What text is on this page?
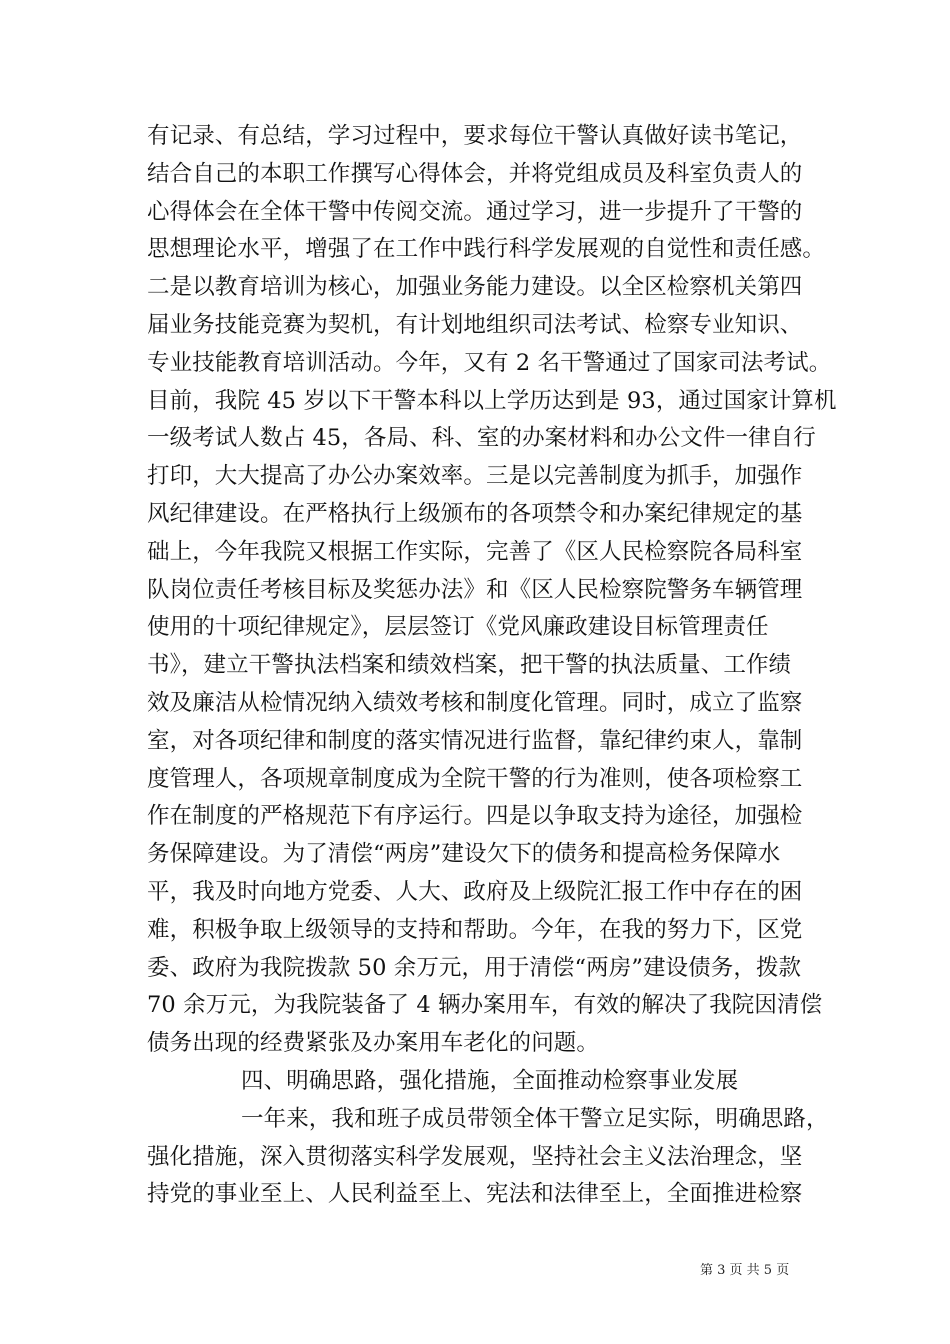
有记录、有总结，学习过程中，要求每位干警认真做好读书笔记，
结合自己的本职工作撰写心得体会，并将党组成员及科室负责人的
心得体会在全体干警中传阅交流。通过学习，进一步提升了干警的
思想理论水平，增强了在工作中践行科学发展观的自觉性和责任感。
二是以教育培训为核心，加强业务能力建设。以全区检察机关第四
届业务技能竞赛为契机，有计划地组织司法考试、检察专业知识、
专业技能教育培训活动。今年，又有 2 名干警通过了国家司法考试。
目前，我院 45 岁以下干警本科以上学历达到是 93，通过国家计算机
一级考试人数占 45，各局、科、室的办案材料和办公文件一律自行
打印，大大提高了办公办案效率。三是以完善制度为抓手，加强作
风纪律建设。在严格执行上级颁布的各项禁令和办案纪律规定的基
础上，今年我院又根据工作实际，完善了《区人民检察院各局科室
队岗位责任考核目标及奖惩办法》和《区人民检察院警务车辆管理
使用的十项纪律规定》，层层签订《党风廉政建设目标管理责任
书》，建立干警执法档案和绩效档案，把干警的执法质量、工作绩
效及廉洁从检情况纳入绩效考核和制度化管理。同时，成立了监察
室，对各项纪律和制度的落实情况进行监督，靠纪律约束人，靠制
度管理人，各项规章制度成为全院干警的行为准则，使各项检察工
作在制度的严格规范下有序运行。四是以争取支持为途径，加强检
务保障建设。为了清偿“两房”建设欠下的债务和提高检务保障水
平，我及时向地方党委、人大、政府及上级院汇报工作中存在的困
难，积极争取上级领导的支持和帮助。今年，在我的努力下，区党
委、政府为我院拨款 50 余万元，用于清偿“两房”建设债务，拨款
70 余万元，为我院装备了 4 辆办案用车，有效的解决了我院因清偿
债务出现的经费紧张及办案用车老化的问题。
四、明确思路，强化措施，全面推动检察事业发展
一年来，我和班子成员带领全体干警立足实际，明确思路，
强化措施，深入贯彻落实科学发展观，坚持社会主义法治理念，坚
持党的事业至上、人民利益至上、宪法和法律至上，全面推进检察
第 3 页 共 5 页
